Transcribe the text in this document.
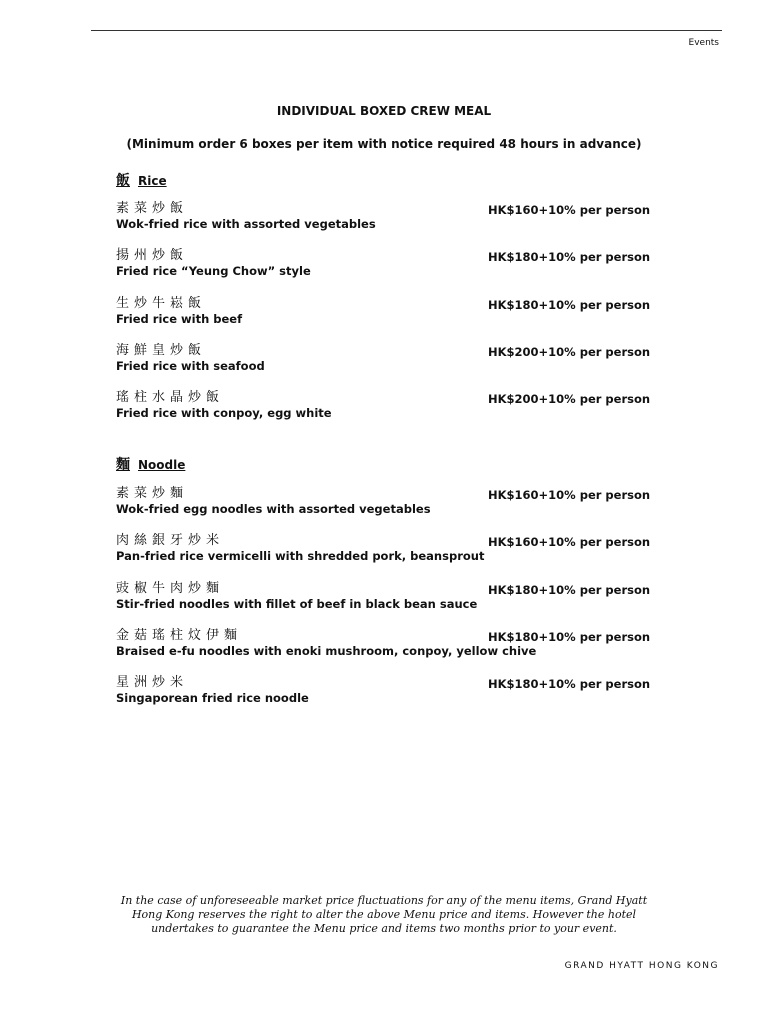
Events
INDIVIDUAL BOXED CREW MEAL
(Minimum order 6 boxes per item with notice required 48 hours in advance)
飯 Rice
素菜炒飯
Wok-fried rice with assorted vegetables
HK$160+10% per person
揚州炒飯
Fried rice “Yeung Chow” style
HK$180+10% per person
生炒牛崧飯
Fried rice with beef
HK$180+10% per person
海鮮皇炒飯
Fried rice with seafood
HK$200+10% per person
瑤柱水晶炒飯
Fried rice with conpoy, egg white
HK$200+10% per person
麵 Noodle
素菜炒麵
Wok-fried egg noodles with assorted vegetables
HK$160+10% per person
肉絲銀牙炒米
Pan-fried rice vermicelli with shredded pork, beansprout
HK$160+10% per person
豉椒牛肉炒麵
Stir-fried noodles with fillet of beef in black bean sauce
HK$180+10% per person
金菇瑤柱炆伊麵
Braised e-fu noodles with enoki mushroom, conpoy, yellow chive
HK$180+10% per person
星洲炒米
Singaporean fried rice noodle
HK$180+10% per person
In the case of unforeseeable market price fluctuations for any of the menu items, Grand Hyatt Hong Kong reserves the right to alter the above Menu price and items. However the hotel undertakes to guarantee the Menu price and items two months prior to your event.
GRAND HYATT HONG KONG
